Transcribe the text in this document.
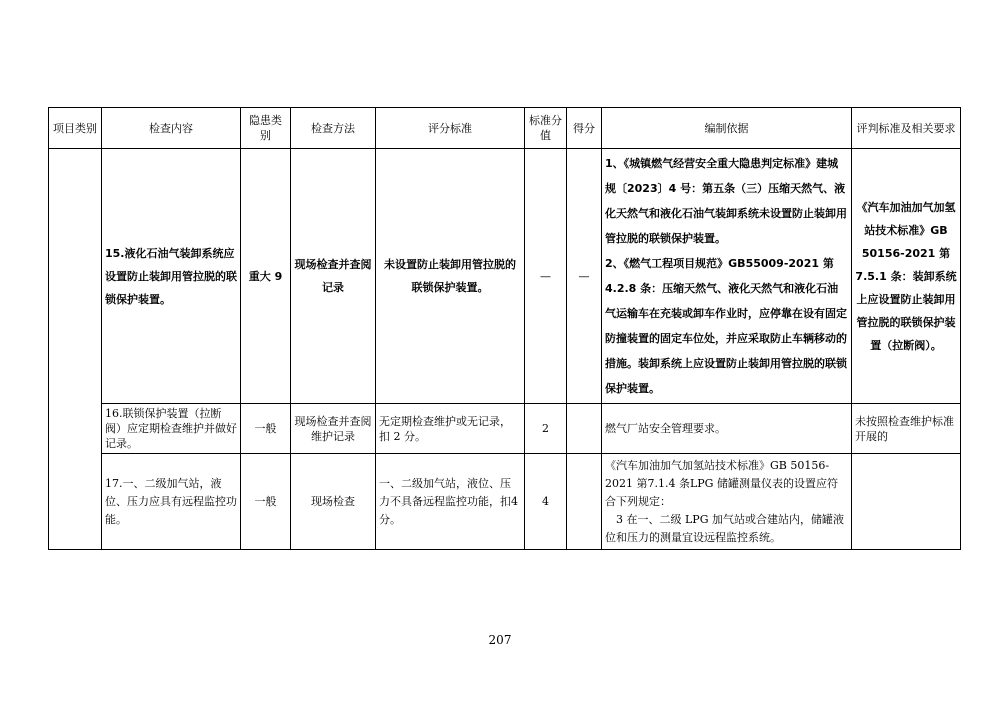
项目类别	检查内容	隐患类别	检查方法	评分标准	标准分值	得分	编制依据	评判标准及相关要求
	15.液化石油气装卸系统应设置防止装卸用管拉脱的联锁保护装置。	重大 9	现场检查并查阅记录	未设置防止装卸用管拉脱的联锁保护装置。	—	—	1、《城镇燃气经营安全重大隐患判定标准》建城规〔2023〕4 号：第五条（三）压缩天然气、液化天然气和液化石油气装卸系统未设置防止装卸用管拉脱的联锁保护装置。

2、《燃气工程项目规范》GB55009-2021 第 4.2.8 条：压缩天然气、液化天然气和液化石油气运输车在充装或卸车作业时，应停靠在设有固定防撞装置的固定车位处，并应采取防止车辆移动的措施。装卸系统上应设置防止装卸用管拉脱的联锁保护装置。	《汽车加油加气加氢站技术标准》GB 50156-2021 第 7.5.1 条：装卸系统上应设置防止装卸用管拉脱的联锁保护装置（拉断阀）。
	16.联锁保护装置（拉断阀）应定期检查维护并做好记录。	一般	现场检查并查阅维护记录	无定期检查维护或无记录，扣 2 分。	2		燃气厂站安全管理要求。	未按照检查维护标准开展的
	17.一、二级加气站，液位、压力应具有远程监控功能。	一般	现场检查	一、二级加气站，液位、压力不具备远程监控功能，扣4分。	4		《汽车加油加气加氢站技术标准》GB 50156-2021 第7.1.4 条LPG 储罐测量仪表的设置应符合下列规定：

3 在一、二级 LPG 加气站或合建站内，储罐液位和压力的测量宜设远程监控系统。	

207
